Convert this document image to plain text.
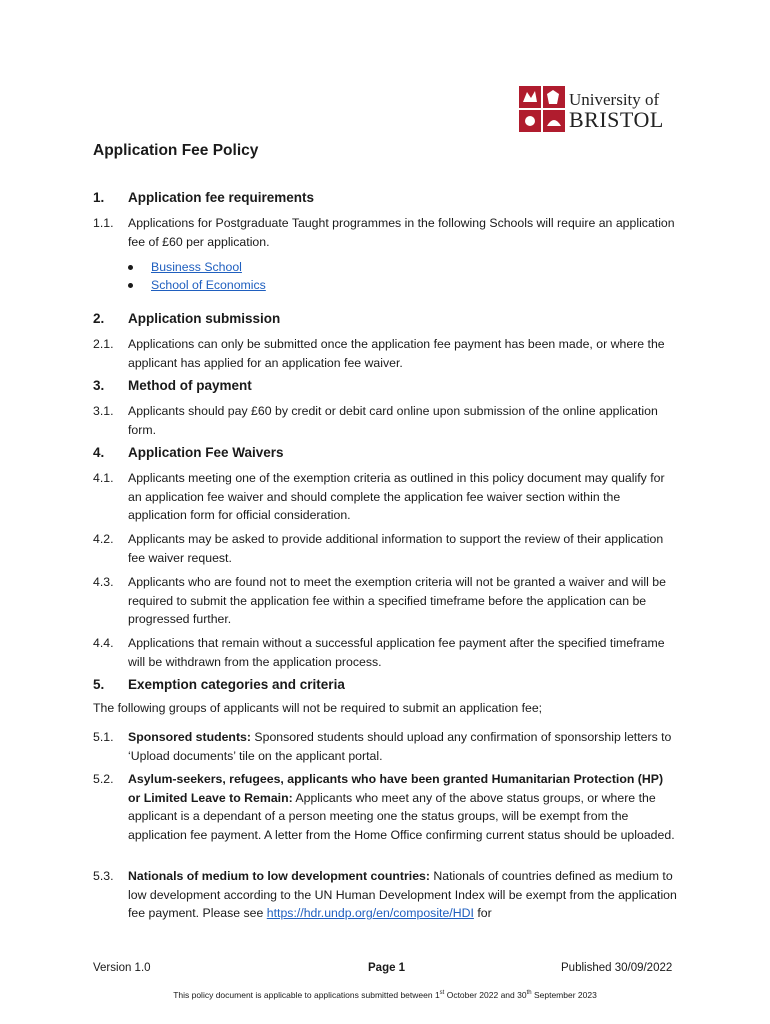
University of
BRISTOL
Application Fee Policy
1. Application fee requirements
1.1. Applications for Postgraduate Taught programmes in the following Schools will require an application fee of £60 per application.
Business School
School of Economics
2. Application submission
2.1. Applications can only be submitted once the application fee payment has been made, or where the applicant has applied for an application fee waiver.
3. Method of payment
3.1. Applicants should pay £60 by credit or debit card online upon submission of the online application form.
4. Application Fee Waivers
4.1. Applicants meeting one of the exemption criteria as outlined in this policy document may qualify for an application fee waiver and should complete the application fee waiver section within the application form for official consideration.
4.2. Applicants may be asked to provide additional information to support the review of their application fee waiver request.
4.3. Applicants who are found not to meet the exemption criteria will not be granted a waiver and will be required to submit the application fee within a specified timeframe before the application can be progressed further.
4.4. Applications that remain without a successful application fee payment after the specified timeframe will be withdrawn from the application process.
5. Exemption categories and criteria
The following groups of applicants will not be required to submit an application fee;
5.1. Sponsored students: Sponsored students should upload any confirmation of sponsorship letters to ‘Upload documents’ tile on the applicant portal.
5.2. Asylum-seekers, refugees, applicants who have been granted Humanitarian Protection (HP) or Limited Leave to Remain: Applicants who meet any of the above status groups, or where the applicant is a dependant of a person meeting one the status groups, will be exempt from the application fee payment. A letter from the Home Office confirming current status should be uploaded.
5.3. Nationals of medium to low development countries: Nationals of countries defined as medium to low development according to the UN Human Development Index will be exempt from the application fee payment. Please see https://hdr.undp.org/en/composite/HDI for
Version 1.0	Page 1	Published 30/09/2022
This policy document is applicable to applications submitted between 1st October 2022 and 30th September 2023
